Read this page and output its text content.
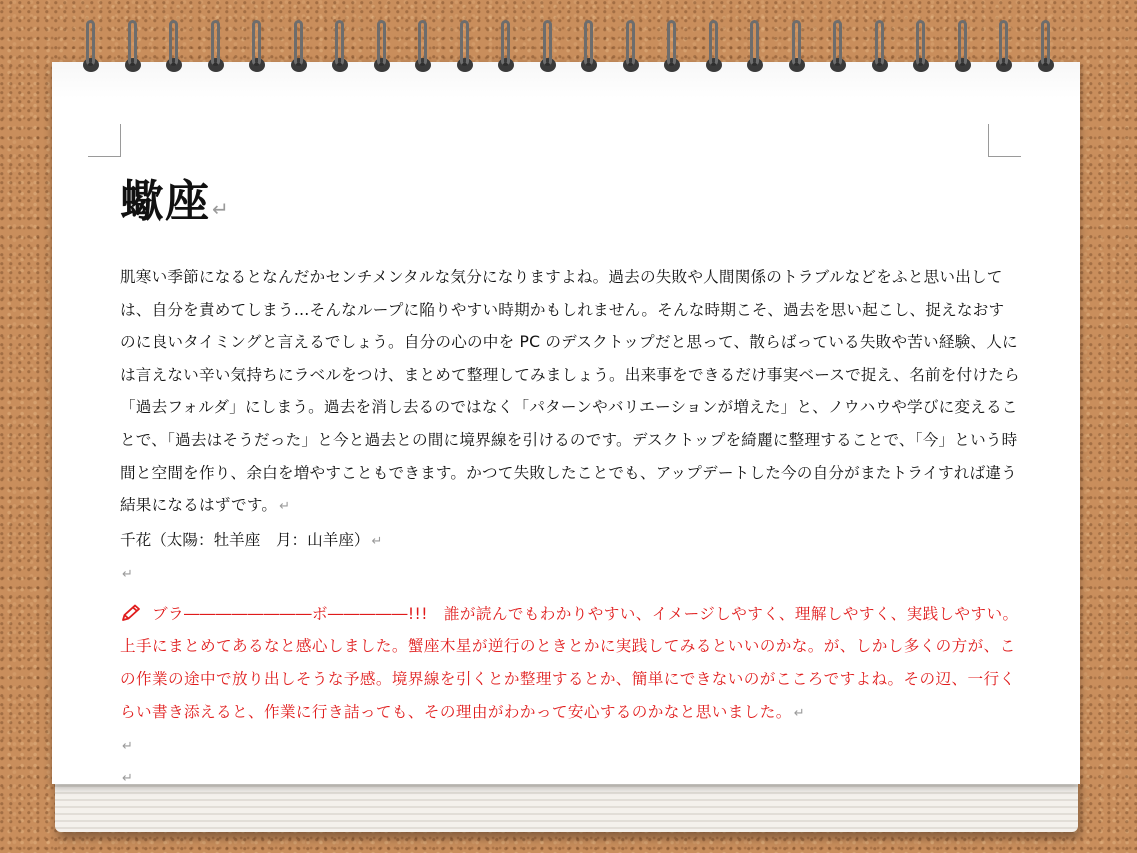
蠍座 ↵
肌寒い季節になるとなんだかセンチメンタルな気分になりますよね。過去の失敗や人間関係のトラブルなどをふと思い出しては、自分を責めてしまう…そんなループに陥りやすい時期かもしれません。そんな時期こそ、過去を思い起こし、捉えなおすのに良いタイミングと言えるでしょう。自分の心の中を PC のデスクトップだと思って、散らばっている失敗や苦い経験、人には言えない辛い気持ちにラベルをつけ、まとめて整理してみましょう。出来事をできるだけ事実ベースで捉え、名前を付けたら「過去フォルダ」にしまう。過去を消し去るのではなく「パターンやバリエーションが増えた」と、ノウハウや学びに変えることで、「過去はそうだった」と今と過去との間に境界線を引けるのです。デスクトップを綺麗に整理することで、「今」という時間と空間を作り、余白を増やすこともできます。かつて失敗したことでも、アップデートした今の自分がまたトライすれば違う結果になるはずです。 ↵
千花（太陽：牡羊座　月：山羊座） ↵
↵
ブラ――――――――ボ―――――!!!　誰が読んでもわかりやすい、イメージしやすく、理解しやすく、実践しやすい。上手にまとめてあるなと感心しました。蟹座木星が逆行のときとかに実践してみるといいのかな。が、しかし多くの方が、この作業の途中で放り出しそうな予感。境界線を引くとか整理するとか、簡単にできないのがこころですよね。その辺、一行くらい書き添えると、作業に行き詰っても、その理由がわかって安心するのかなと思いました。 ↵
↵
↵
